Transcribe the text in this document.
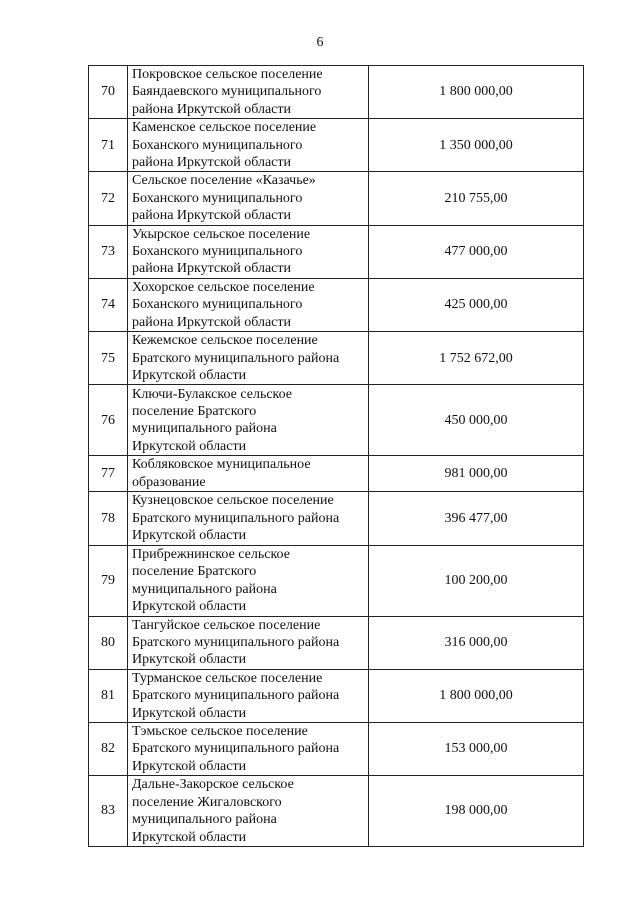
6
70	Покровское сельское поселение
Баяндаевского муниципального
района Иркутской области	1 800 000,00
71	Каменское сельское поселение
Боханского муниципального
района Иркутской области	1 350 000,00
72	Сельское поселение «Казачье»
Боханского муниципального
района Иркутской области	210 755,00
73	Укырское сельское поселение
Боханского муниципального
района Иркутской области	477 000,00
74	Хохорское сельское поселение
Боханского муниципального
района Иркутской области	425 000,00
75	Кежемское сельское поселение
Братского муниципального района
Иркутской области	1 752 672,00
76	Ключи-Булакское сельское
поселение Братского
муниципального района
Иркутской области	450 000,00
77	Кобляковское муниципальное
образование	981 000,00
78	Кузнецовское сельское поселение
Братского муниципального района
Иркутской области	396 477,00
79	Прибрежнинское сельское
поселение Братского
муниципального района
Иркутской области	100 200,00
80	Тангуйское сельское поселение
Братского муниципального района
Иркутской области	316 000,00
81	Турманское сельское поселение
Братского муниципального района
Иркутской области	1 800 000,00
82	Тэмьское сельское поселение
Братского муниципального района
Иркутской области	153 000,00
83	Дальне-Закорское сельское
поселение Жигаловского
муниципального района
Иркутской области	198 000,00
